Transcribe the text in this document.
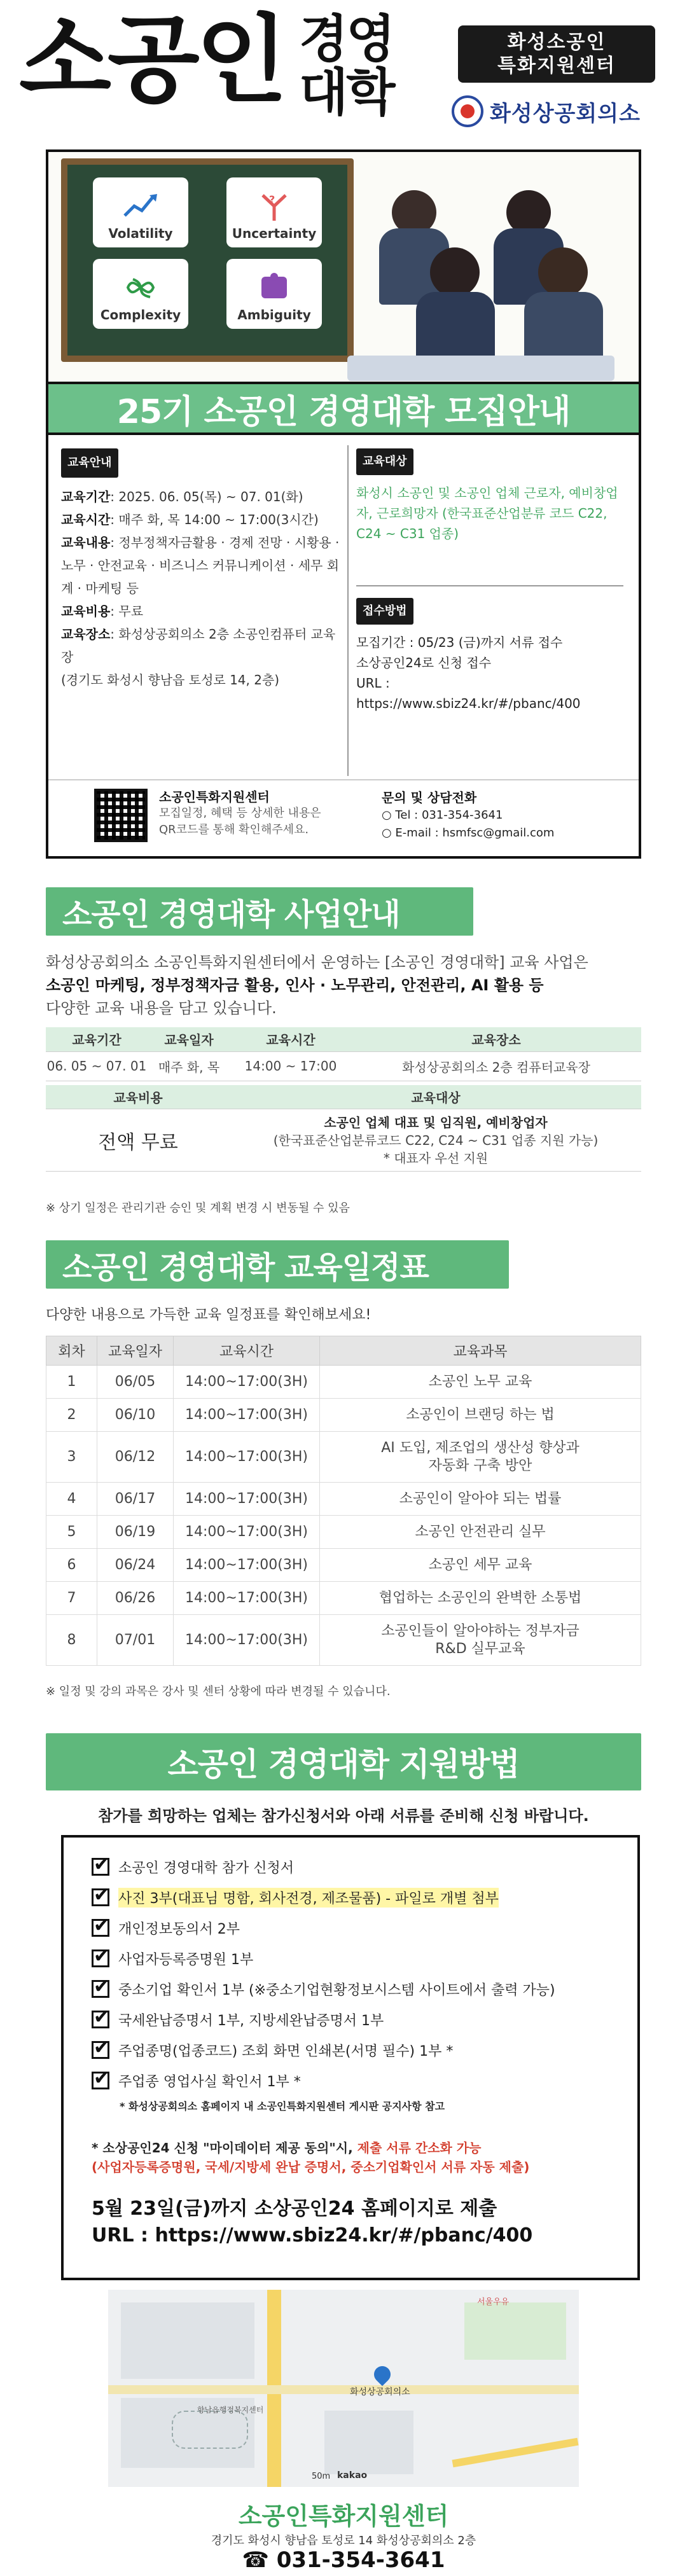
소공인 경영
대학
화성소공인
특화지원센터
화성상공회의소
Volatility
?
Uncertainty
Complexity	Ambiguity
25기 소공인 경영대학 모집안내
교육안내
교육기간: 2025. 06. 05(목) ~ 07. 01(화)
교육시간: 매주 화, 목 14:00 ~ 17:00(3시간)
교육내용: 정부정책자금활용 · 경제 전망 · 시황용 · 노무 · 안전교육 · 비즈니스 커뮤니케이션 · 세무 회계 · 마케팅 등
교육비용: 무료
교육장소: 화성상공회의소 2층 소공인컴퓨터 교육장
(경기도 화성시 향남읍 토성로 14, 2층)
교육대상
화성시 소공인 및 소공인 업체 근로자, 예비창업자, 근로희망자 (한국표준산업분류 코드 C22, C24 ~ C31 업종)
접수방법
모집기간 : 05/23 (금)까지 서류 접수
소상공인24로 신청 접수
URL :
https://www.sbiz24.kr/#/pbanc/400
소공인특화지원센터
모집일정, 혜택 등 상세한 내용은 QR코드를 통해 확인해주세요.
문의 및 상담전화
○ Tel : 031-354-3641
○ E-mail : hsmfsc@gmail.com
소공인 경영대학 사업안내
화성상공회의소 소공인특화지원센터에서 운영하는 [소공인 경영대학] 교육 사업은
소공인 마케팅, 정부정책자금 활용, 인사 · 노무관리, 안전관리, AI 활용 등
다양한 교육 내용을 담고 있습니다.
교육기간	교육일자	교육시간	교육장소
06. 05 ~ 07. 01	매주 화, 목	14:00 ~ 17:00	화성상공회의소 2층 컴퓨터교육장
교육비용	교육대상
전액 무료	소공인 업체 대표 및 임직원, 예비창업자
(한국표준산업분류코드 C22, C24 ~ C31 업종 지원 가능)
* 대표자 우선 지원
※ 상기 일정은 관리기관 승인 및 계획 변경 시 변동될 수 있음
소공인 경영대학 교육일정표
다양한 내용으로 가득한 교육 일정표를 확인해보세요!
회차	교육일자	교육시간	교육과목
1	06/05	14:00~17:00(3H)	소공인 노무 교육
2	06/10	14:00~17:00(3H)	소공인이 브랜딩 하는 법
3	06/12	14:00~17:00(3H)	AI 도입, 제조업의 생산성 향상과 자동화 구축 방안
4	06/17	14:00~17:00(3H)	소공인이 알아야 되는 법률
5	06/19	14:00~17:00(3H)	소공인 안전관리 실무
6	06/24	14:00~17:00(3H)	소공인 세무 교육
7	06/26	14:00~17:00(3H)	협업하는 소공인의 완벽한 소통법
8	07/01	14:00~17:00(3H)	소공인들이 알아야하는 정부자금 R&D 실무교육
※ 일정 및 강의 과목은 강사 및 센터 상황에 따라 변경될 수 있습니다.
소공인 경영대학 지원방법
참가를 희망하는 업체는 참가신청서와 아래 서류를 준비해 신청 바랍니다.
✔
소공인 경영대학 참가 신청서
✔
사진 3부(대표님 명함, 회사전경, 제조물품) - 파일로 개별 첨부
✔
개인정보동의서 2부
✔
사업자등록증명원 1부
✔
중소기업 확인서 1부 (※중소기업현황정보시스템 사이트에서 출력 가능)
✔
국세완납증명서 1부, 지방세완납증명서 1부
✔
주업종명(업종코드) 조회 화면 인쇄본(서명 필수) 1부 *
✔
주업종 영업사실 확인서 1부 *
* 화성상공회의소 홈페이지 내 소공인특화지원센터 게시판 공지사항 참고
* 소상공인24 신청 "마이데이터 제공 동의"시, 제출 서류 간소화 가능
(사업자등록증명원, 국세/지방세 완납 증명서, 중소기업확인서 서류 자동 제출)
5월 23일(금)까지 소상공인24 홈페이지로 제출
URL : https://www.sbiz24.kr/#/pbanc/400
화성상공회의소
서울우유
향남읍행정복지센터
50m kakao
소공인특화지원센터
경기도 화성시 향남읍 토성로 14 화성상공회의소 2층
☎ 031-354-3641
